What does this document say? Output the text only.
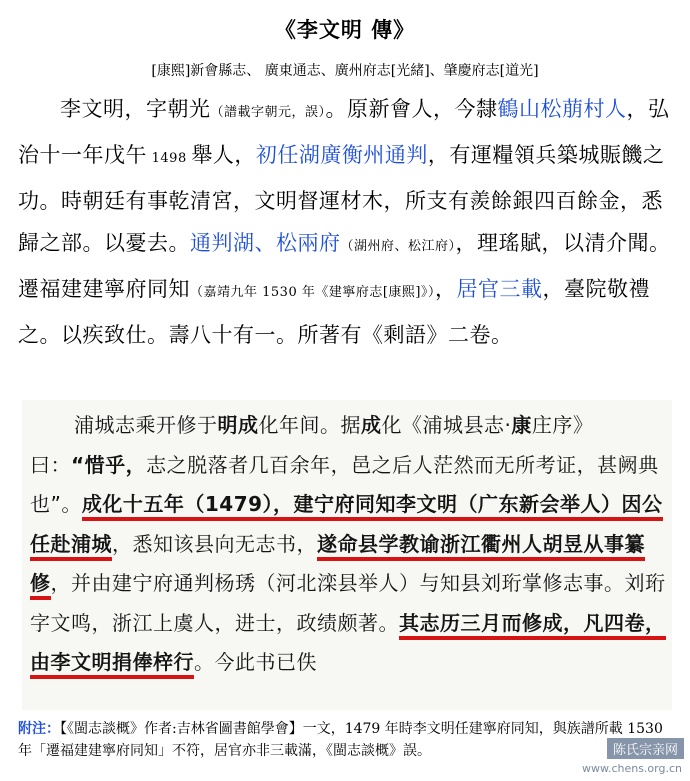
《李文明 傳》
[康熙]新會縣志、 廣東通志、廣州府志[光緒]、肇慶府志[道光]

李文明，字朝光（譜載字朝元，誤）。原新會人，今隸鶴山松萠村人，弘治十一年戊午 1498 舉人，初任湖廣衡州通判，有運糧領兵築城賑饑之功。時朝廷有事乾清宮，文明督運材木，所支有羨餘銀四百餘金，悉歸之部。以憂去。通判湖、松兩府（湖州府、松江府），理瑤賦，以清介聞。遷福建建寧府同知（嘉靖九年 1530 年《建寧府志[康熙]》），居官三載，臺院敬禮之。以疾致仕。壽八十有一。所著有《剩語》二卷。

浦城志乘开修于明成化年间。据成化《浦城县志·康庄序》曰：“惜乎，志之脱落者几百余年，邑之后人茫然而无所考证，甚阙典也”。成化十五年（1479），建宁府同知李文明（广东新会举人）因公任赴浦城，悉知该县向无志书，遂命县学教谕浙江衢州人胡昱从事纂修，并由建宁府通判杨琇（河北滦县举人）与知县刘珩掌修志事。刘珩字文鸣，浙江上虞人，进士，政绩颇著。其志历三月而修成，凡四卷，由李文明捐俸梓行。今此书已佚

附注：【《閩志談概》作者:吉林省圖書館學會】一文，1479 年時李文明任建寧府同知，與族譜所載 1530 年「遷福建建寧府同知」不符，居官亦非三載滿，《閩志談概》誤。	陈氏宗亲网
www.chens.org.cn
